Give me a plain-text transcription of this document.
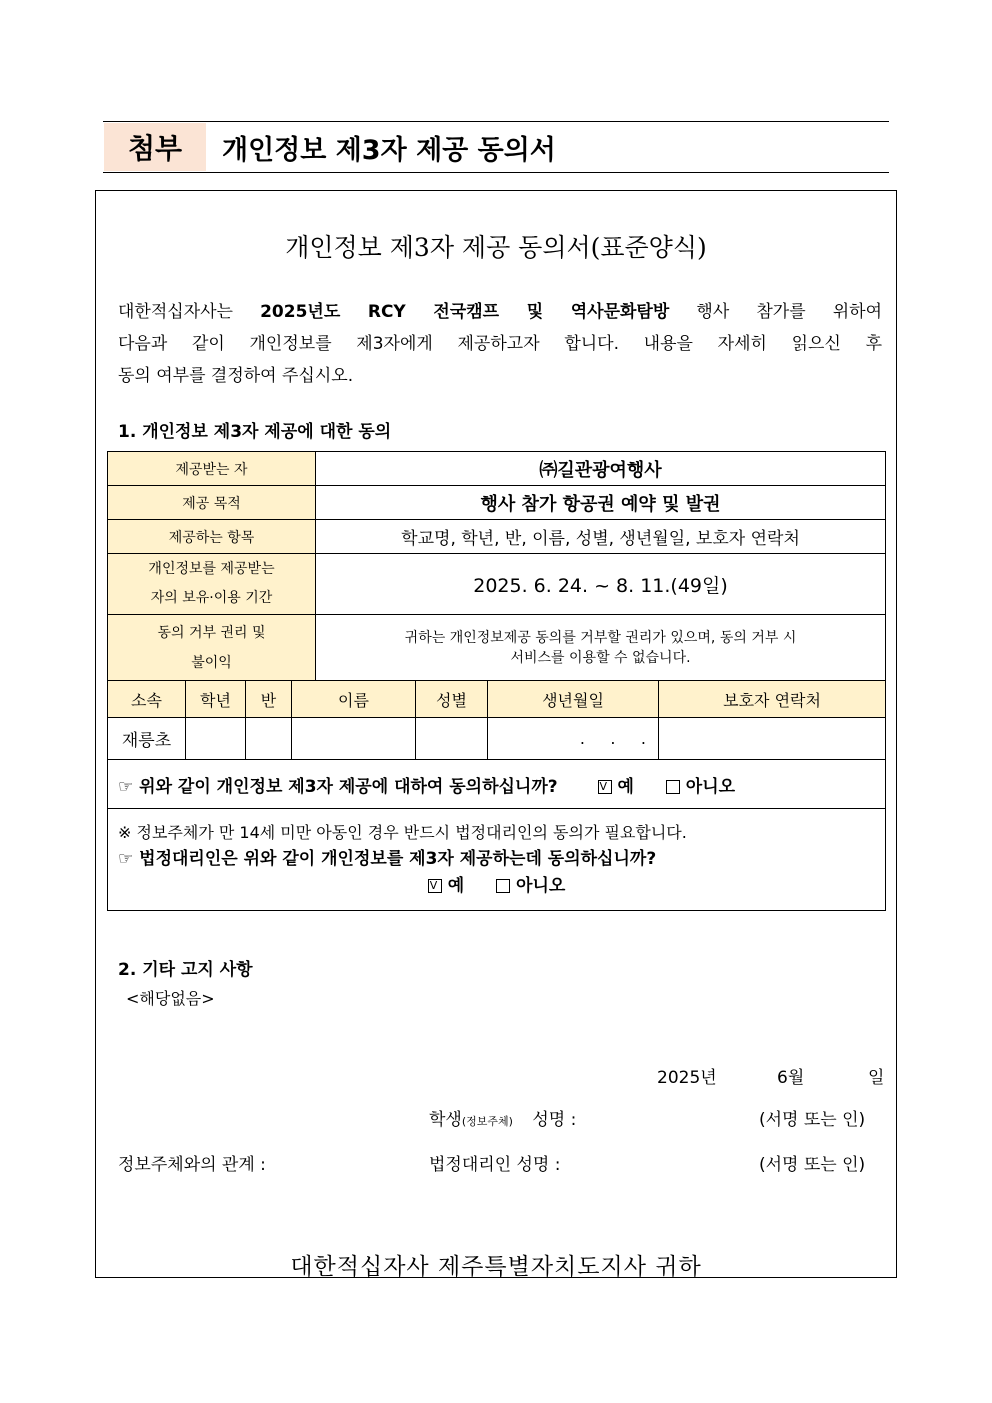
첨부	개인정보 제3자 제공 동의서
개인정보 제3자 제공 동의서(표준양식)
대한적십자사는 2025년도 RCY 전국캠프 및 역사문화탐방 행사 참가를 위하여
다음과 같이 개인정보를 제3자에게 제공하고자 합니다. 내용을 자세히 읽으신 후
동의 여부를 결정하여 주십시오.
1. 개인정보 제3자 제공에 대한 동의
제공받는 자				㈜길관광여행사			
제공 목적				행사 참가 항공권 예약 및 발권			
제공하는 항목				학교명, 학년, 반, 이름, 성별, 생년월일, 보호자 연락처			
개인정보를 제공받는
자의 보유·이용 기간				2025. 6. 24. ~ 8. 11.(49일)			
동의 거부 권리 및
불이익				귀하는 개인정보제공 동의를 거부할 권리가 있으며, 동의 거부 시
서비스를 이용할 수 없습니다.			
소속	학년	반	이름		성별	생년월일	보호자 연락처
재릉초						.     .     .	
☞ 위와 같이 개인정보 제3자 제공에 대하여 동의하십니까? V 예 아니오

※ 정보주체가 만 14세 미만 아동인 경우 반드시 법정대리인의 동의가 필요합니다.
☞ 법정대리인은 위와 같이 개인정보를 제3자 제공하는데 동의하십니까?
V예 아니오
2. 기타 고지 사항
<해당없음>
2025년	6월	일
학생(정보주체) 성명 :	(서명 또는 인)
정보주체와의 관계 :	법정대리인 성명 :	(서명 또는 인)
대한적십자사 제주특별자치도지사 귀하
